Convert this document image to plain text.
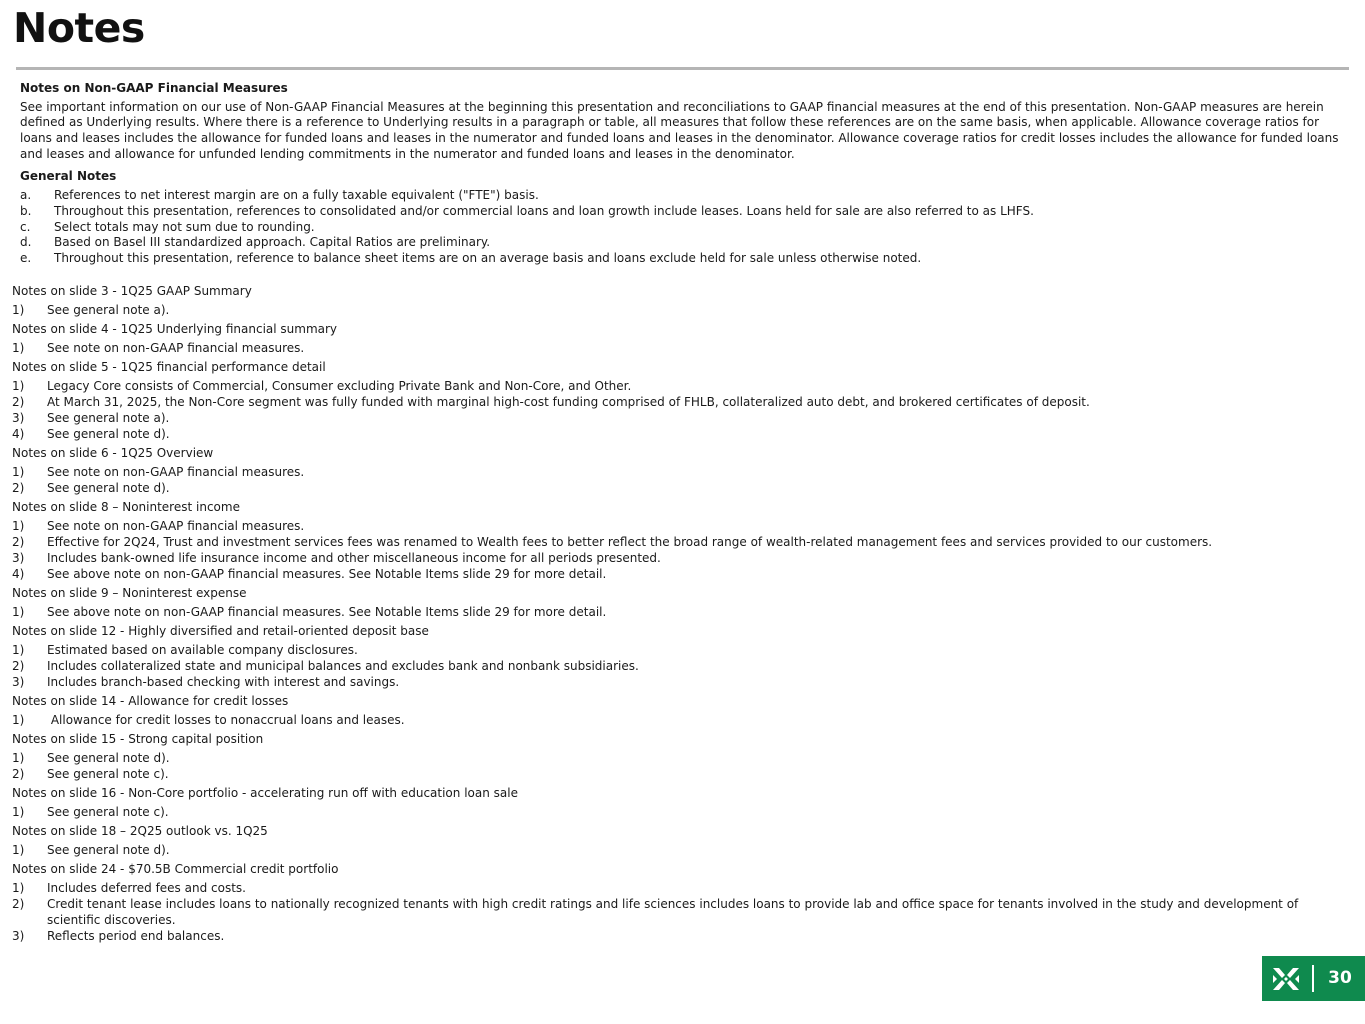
Notes

Notes on Non-GAAP Financial Measures

See important information on our use of Non-GAAP Financial Measures at the beginning this presentation and reconciliations to GAAP financial measures at the end of this presentation. Non-GAAP measures are herein defined as Underlying results. Where there is a reference to Underlying results in a paragraph or table, all measures that follow these references are on the same basis, when applicable. Allowance coverage ratios for loans and leases includes the allowance for funded loans and leases in the numerator and funded loans and leases in the denominator. Allowance coverage ratios for credit losses includes the allowance for funded loans and leases and allowance for unfunded lending commitments in the numerator and funded loans and leases in the denominator.

General Notes

a.	References to net interest margin are on a fully taxable equivalent ("FTE") basis.
b.	Throughout this presentation, references to consolidated and/or commercial loans and loan growth include leases. Loans held for sale are also referred to as LHFS.
c.	Select totals may not sum due to rounding.
d.	Based on Basel III standardized approach. Capital Ratios are preliminary.
e.	Throughout this presentation, reference to balance sheet items are on an average basis and loans exclude held for sale unless otherwise noted.
Notes on slide 3 - 1Q25 GAAP Summary
1)	See general note a).
Notes on slide 4 - 1Q25 Underlying financial summary
1)	See note on non-GAAP financial measures.
Notes on slide 5 - 1Q25 financial performance detail
1)	Legacy Core consists of Commercial, Consumer excluding Private Bank and Non-Core, and Other.
2)	At March 31, 2025, the Non-Core segment was fully funded with marginal high-cost funding comprised of FHLB, collateralized auto debt, and brokered certificates of deposit.
3)	See general note a).
4)	See general note d).
Notes on slide 6 - 1Q25 Overview
1)	See note on non-GAAP financial measures.
2)	See general note d).
Notes on slide 8 – Noninterest income
1)	See note on non-GAAP financial measures.
2)	Effective for 2Q24, Trust and investment services fees was renamed to Wealth fees to better reflect the broad range of wealth-related management fees and services provided to our customers.
3)	Includes bank-owned life insurance income and other miscellaneous income for all periods presented.
4)	See above note on non-GAAP financial measures. See Notable Items slide 29 for more detail.
Notes on slide 9 – Noninterest expense
1)	See above note on non-GAAP financial measures. See Notable Items slide 29 for more detail.
Notes on slide 12 - Highly diversified and retail-oriented deposit base
1)	Estimated based on available company disclosures.
2)	Includes collateralized state and municipal balances and excludes bank and nonbank subsidiaries.
3)	Includes branch-based checking with interest and savings.
Notes on slide 14 - Allowance for credit losses
1)	Allowance for credit losses to nonaccrual loans and leases.
Notes on slide 15 - Strong capital position
1)	See general note d).
2)	See general note c).
Notes on slide 16 - Non-Core portfolio - accelerating run off with education loan sale
1)	See general note c).
Notes on slide 18 – 2Q25 outlook vs. 1Q25
1)	See general note d).
Notes on slide 24 - $70.5B Commercial credit portfolio
1)	Includes deferred fees and costs.
2)	Credit tenant lease includes loans to nationally recognized tenants with high credit ratings and life sciences includes loans to provide lab and office space for tenants involved in the study and development of scientific discoveries.
3)	Reflects period end balances.
30
